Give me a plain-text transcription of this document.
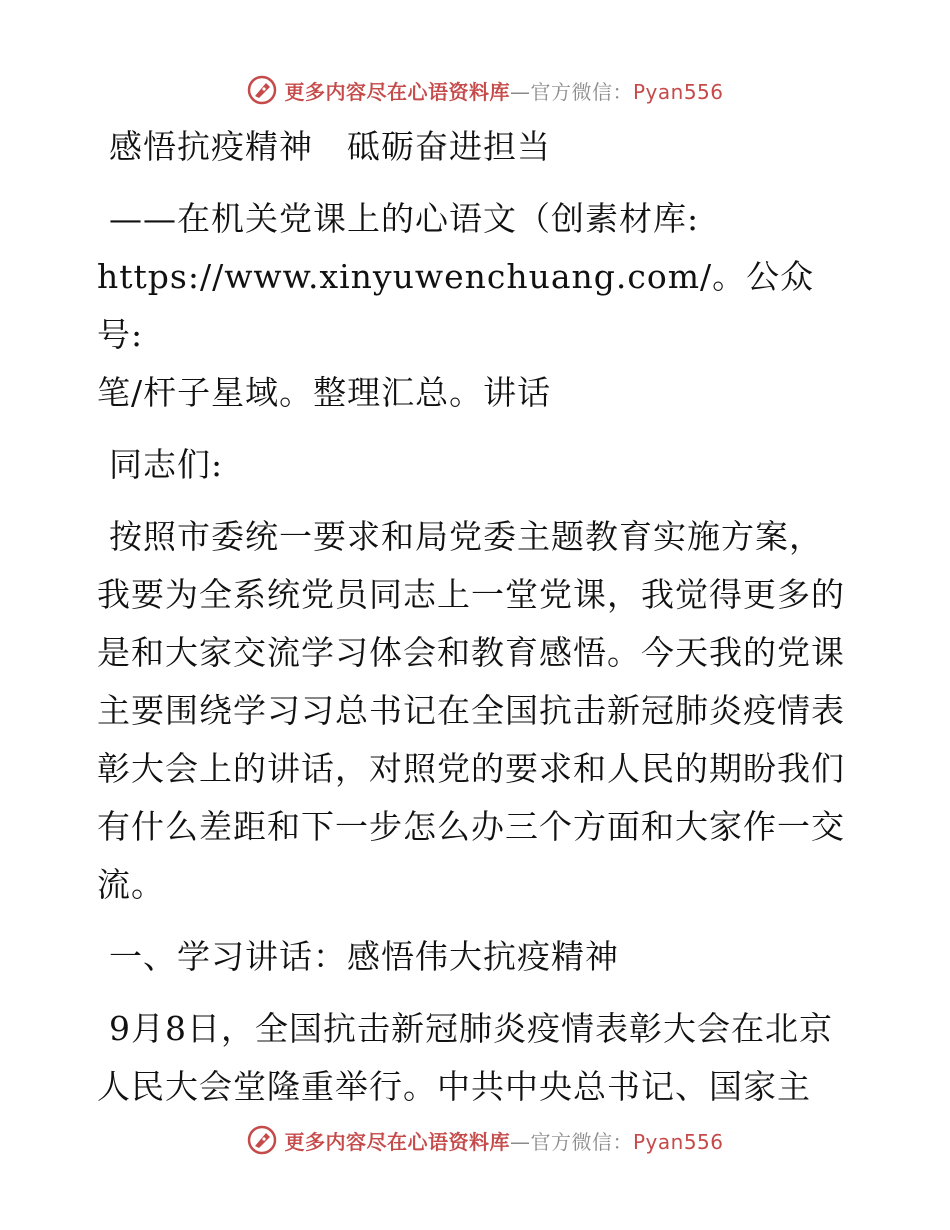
更多内容尽在心语资料库—官方微信：Pyan556

感悟抗疫精神　砥砺奋进担当

——在机关党课上的心语文（创素材库:

https://www.xinyuwenchuang.com/。公众号:

笔/杆子星域。整理汇总。讲话

同志们:

按照市委统一要求和局党委主题教育实施方案，

我要为全系统党员同志上一堂党课，我觉得更多的

是和大家交流学习体会和教育感悟。今天我的党课

主要围绕学习习总书记在全国抗击新冠肺炎疫情表

彰大会上的讲话，对照党的要求和人民的期盼我们

有什么差距和下一步怎么办三个方面和大家作一交

流。

一、学习讲话：感悟伟大抗疫精神

9月8日，全国抗击新冠肺炎疫情表彰大会在北京

人民大会堂隆重举行。中共中央总书记、国家主

更多内容尽在心语资料库—官方微信：Pyan556
